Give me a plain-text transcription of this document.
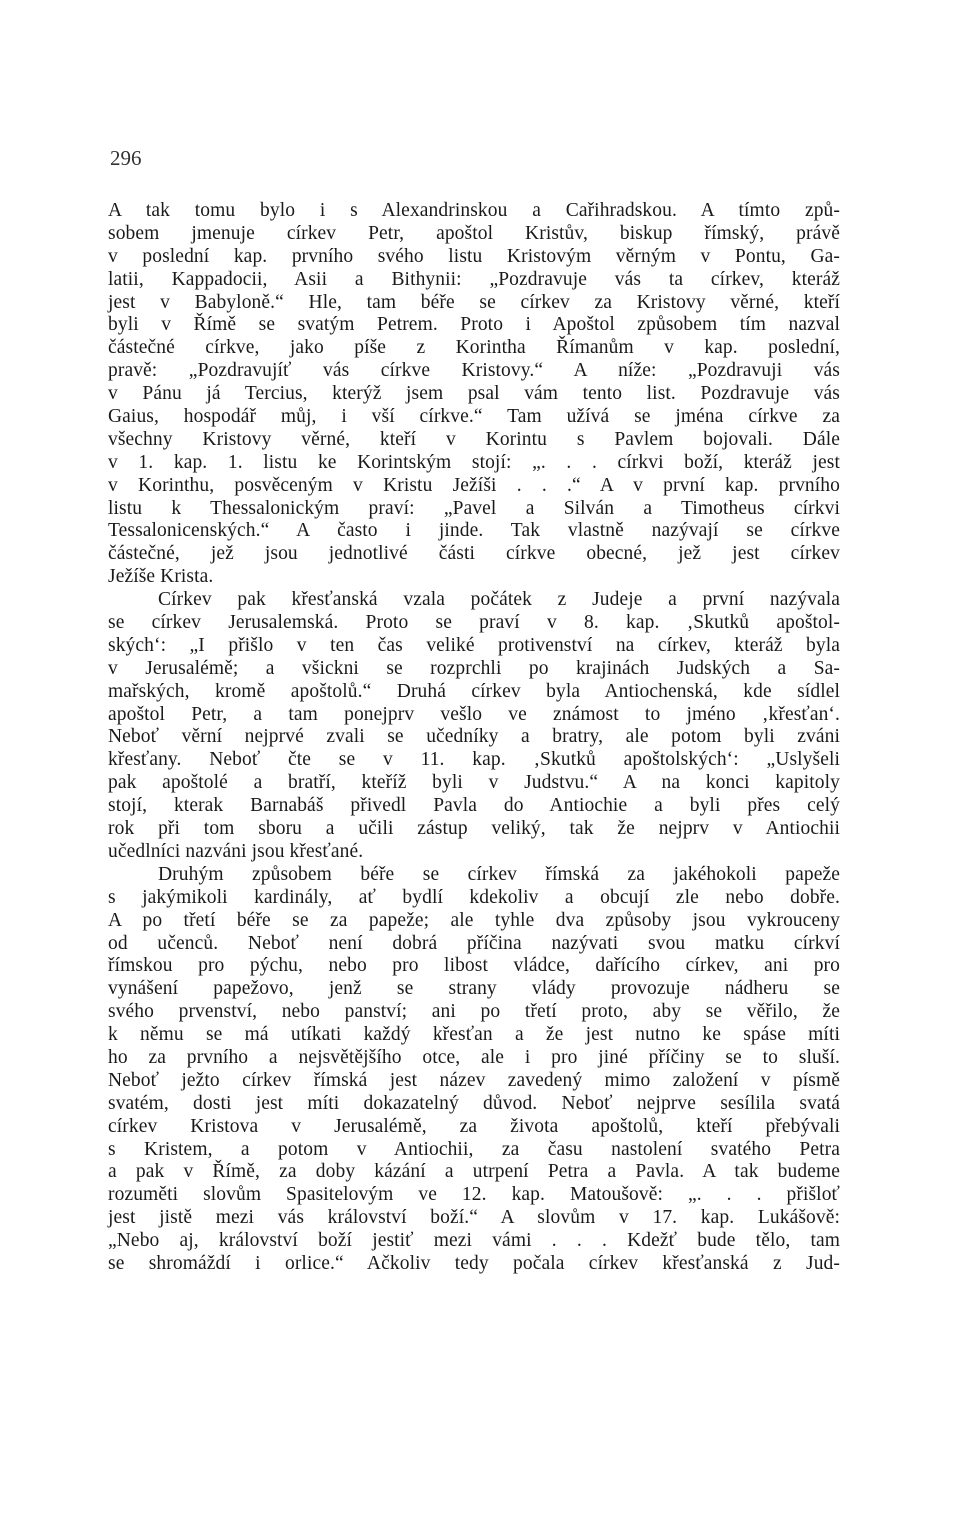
296
A tak tomu bylo i s Alexandrinskou a Cařihradskou. A tímto způ-
sobem jmenuje církev Petr, apoštol Kristův, biskup římský, právě
v poslední kap. prvního svého listu Kristovým věrným v Pontu, Ga-
latii, Kappadocii, Asii a Bithynii: „Pozdravuje vás ta církev, kteráž
jest v Babyloně.“ Hle, tam béře se církev za Kristovy věrné, kteří
byli v Římě se svatým Petrem. Proto i Apoštol způsobem tím nazval
částečné církve, jako píše z Korintha Římanům v kap. poslední,
pravě: „Pozdravujíť vás církve Kristovy.“ A níže: „Pozdravuji vás
v Pánu já Tercius, kterýž jsem psal vám tento list. Pozdravuje vás
Gaius, hospodář můj, i vší církve.“ Tam užívá se jména církve za
všechny Kristovy věrné, kteří v Korintu s Pavlem bojovali. Dále
v 1. kap. 1. listu ke Korintským stojí: „. . . církvi boží, kteráž jest
v Korinthu, posvěceným v Kristu Ježíši . . .“ A v první kap. prvního
listu k Thessalonickým praví: „Pavel a Silván a Timotheus církvi
Tessalonicenských.“ A často i jinde. Tak vlastně nazývají se církve
částečné, jež jsou jednotlivé části církve obecné, jež jest církev
Ježíše Krista.
Církev pak křesťanská vzala počátek z Judeje a první nazývala
se církev Jerusalemská. Proto se praví v 8. kap. ‚Skutků apoštol-
ských‘: „I přišlo v ten čas veliké protivenství na církev, kteráž byla
v Jerusalémě; a všickni se rozprchli po krajinách Judských a Sa-
mařských, kromě apoštolů.“ Druhá církev byla Antiochenská, kde sídlel
apoštol Petr, a tam ponejprv vešlo ve známost to jméno ‚křesťan‘.
Neboť věrní nejprvé zvali se učedníky a bratry, ale potom byli zváni
křesťany. Neboť čte se v 11. kap. ‚Skutků apoštolských‘: „Uslyšeli
pak apoštolé a bratří, kteříž byli v Judstvu.“ A na konci kapitoly
stojí, kterak Barnabáš přivedl Pavla do Antiochie a byli přes celý
rok při tom sboru a učili zástup veliký, tak že nejprv v Antiochii
učedlníci nazváni jsou křesťané.
Druhým způsobem béře se církev římská za jakéhokoli papeže
s jakýmikoli kardinály, ať bydlí kdekoliv a obcují zle nebo dobře.
A po třetí béře se za papeže; ale tyhle dva způsoby jsou vykrouceny
od učenců. Neboť není dobrá příčina nazývati svou matku církví
římskou pro pýchu, nebo pro libost vládce, dařícího církev, ani pro
vynášení papežovo, jenž se strany vlády provozuje nádheru se
svého prvenství, nebo panství; ani po třetí proto, aby se věřilo, že
k němu se má utíkati každý křesťan a že jest nutno ke spáse míti
ho za prvního a nejsvětějšího otce, ale i pro jiné příčiny se to sluší.
Neboť ježto církev římská jest název zavedený mimo založení v písmě
svatém, dosti jest míti dokazatelný důvod. Neboť nejprve sesílila svatá
církev Kristova v Jerusalémě, za života apoštolů, kteří přebývali
s Kristem, a potom v Antiochii, za času nastolení svatého Petra
a pak v Římě, za doby kázání a utrpení Petra a Pavla. A tak budeme
rozuměti slovům Spasitelovým ve 12. kap. Matoušově: „. . . přišloť
jest jistě mezi vás království boží.“ A slovům v 17. kap. Lukášově:
„Nebo aj, království boží jestiť mezi vámi . . . Kdežť bude tělo, tam
se shromáždí i orlice.“ Ačkoliv tedy počala církev křesťanská z Jud-
